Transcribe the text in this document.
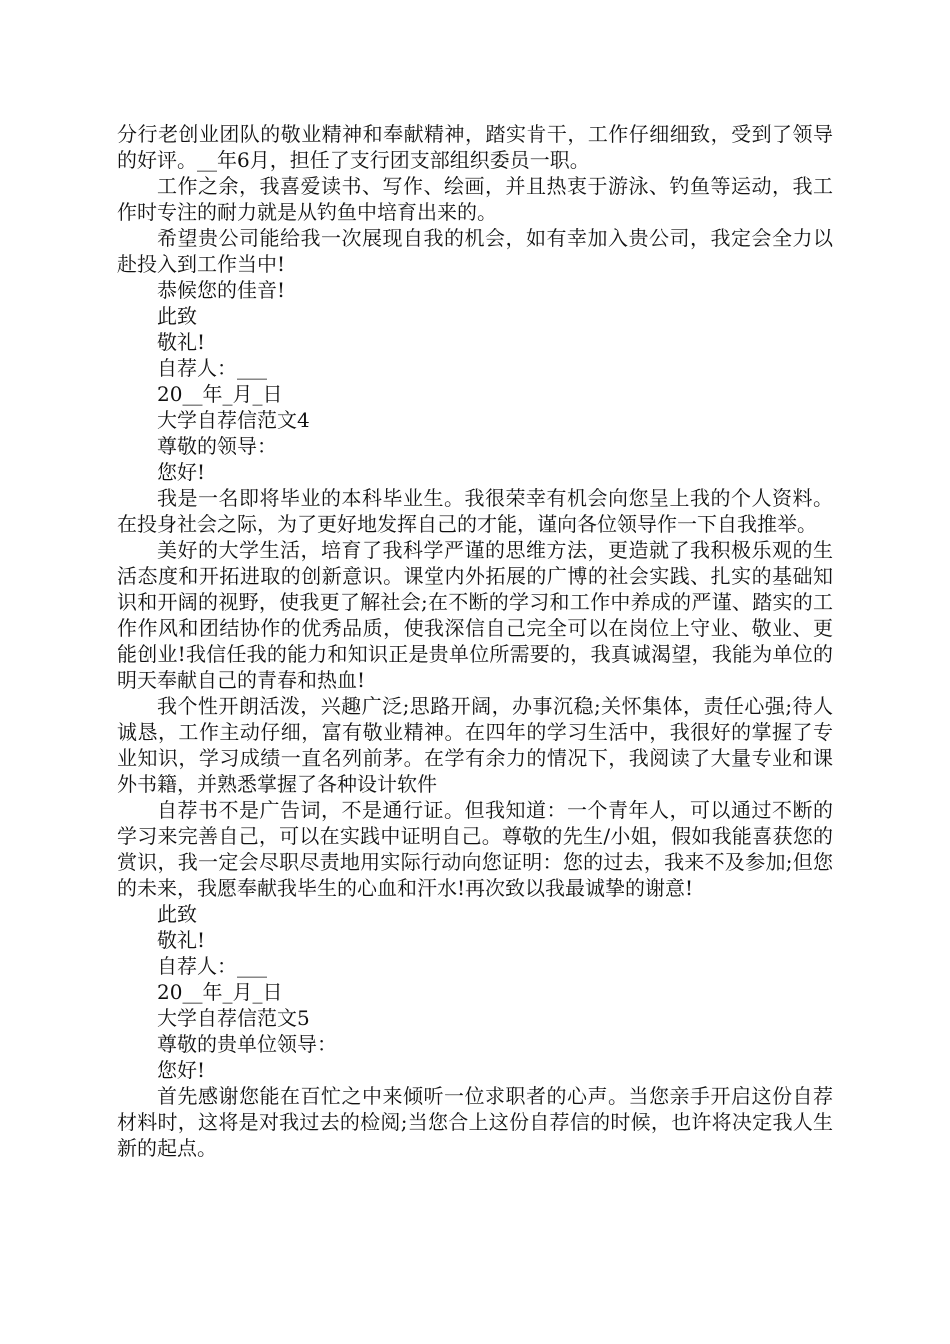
分行老创业团队的敬业精神和奉献精神，踏实肯干，工作仔细细致，受到了领导的好评。__年6月，担任了支行团支部组织委员一职。

工作之余，我喜爱读书、写作、绘画，并且热衷于游泳、钓鱼等运动，我工作时专注的耐力就是从钓鱼中培育出来的。

希望贵公司能给我一次展现自我的机会，如有幸加入贵公司，我定会全力以赴投入到工作当中!

恭候您的佳音!

此致

敬礼!

自荐人：___

20__年_月_日

大学自荐信范文4

尊敬的领导：

您好!

我是一名即将毕业的本科毕业生。我很荣幸有机会向您呈上我的个人资料。在投身社会之际，为了更好地发挥自己的才能，谨向各位领导作一下自我推举。

美好的大学生活，培育了我科学严谨的思维方法，更造就了我积极乐观的生活态度和开拓进取的创新意识。课堂内外拓展的广博的社会实践、扎实的基础知识和开阔的视野，使我更了解社会;在不断的学习和工作中养成的严谨、踏实的工作作风和团结协作的优秀品质，使我深信自己完全可以在岗位上守业、敬业、更能创业!我信任我的能力和知识正是贵单位所需要的，我真诚渴望，我能为单位的明天奉献自己的青春和热血!

我个性开朗活泼，兴趣广泛;思路开阔，办事沉稳;关怀集体，责任心强;待人诚恳，工作主动仔细，富有敬业精神。在四年的学习生活中，我很好的掌握了专业知识，学习成绩一直名列前茅。在学有余力的情况下，我阅读了大量专业和课外书籍，并熟悉掌握了各种设计软件

自荐书不是广告词，不是通行证。但我知道：一个青年人，可以通过不断的学习来完善自己，可以在实践中证明自己。尊敬的先生/小姐，假如我能喜获您的赏识，我一定会尽职尽责地用实际行动向您证明：您的过去，我来不及参加;但您的未来，我愿奉献我毕生的心血和汗水!再次致以我最诚挚的谢意!

此致

敬礼!

自荐人：___

20__年_月_日

大学自荐信范文5

尊敬的贵单位领导：

您好!

首先感谢您能在百忙之中来倾听一位求职者的心声。当您亲手开启这份自荐材料时，这将是对我过去的检阅;当您合上这份自荐信的时候，也许将决定我人生新的起点。
